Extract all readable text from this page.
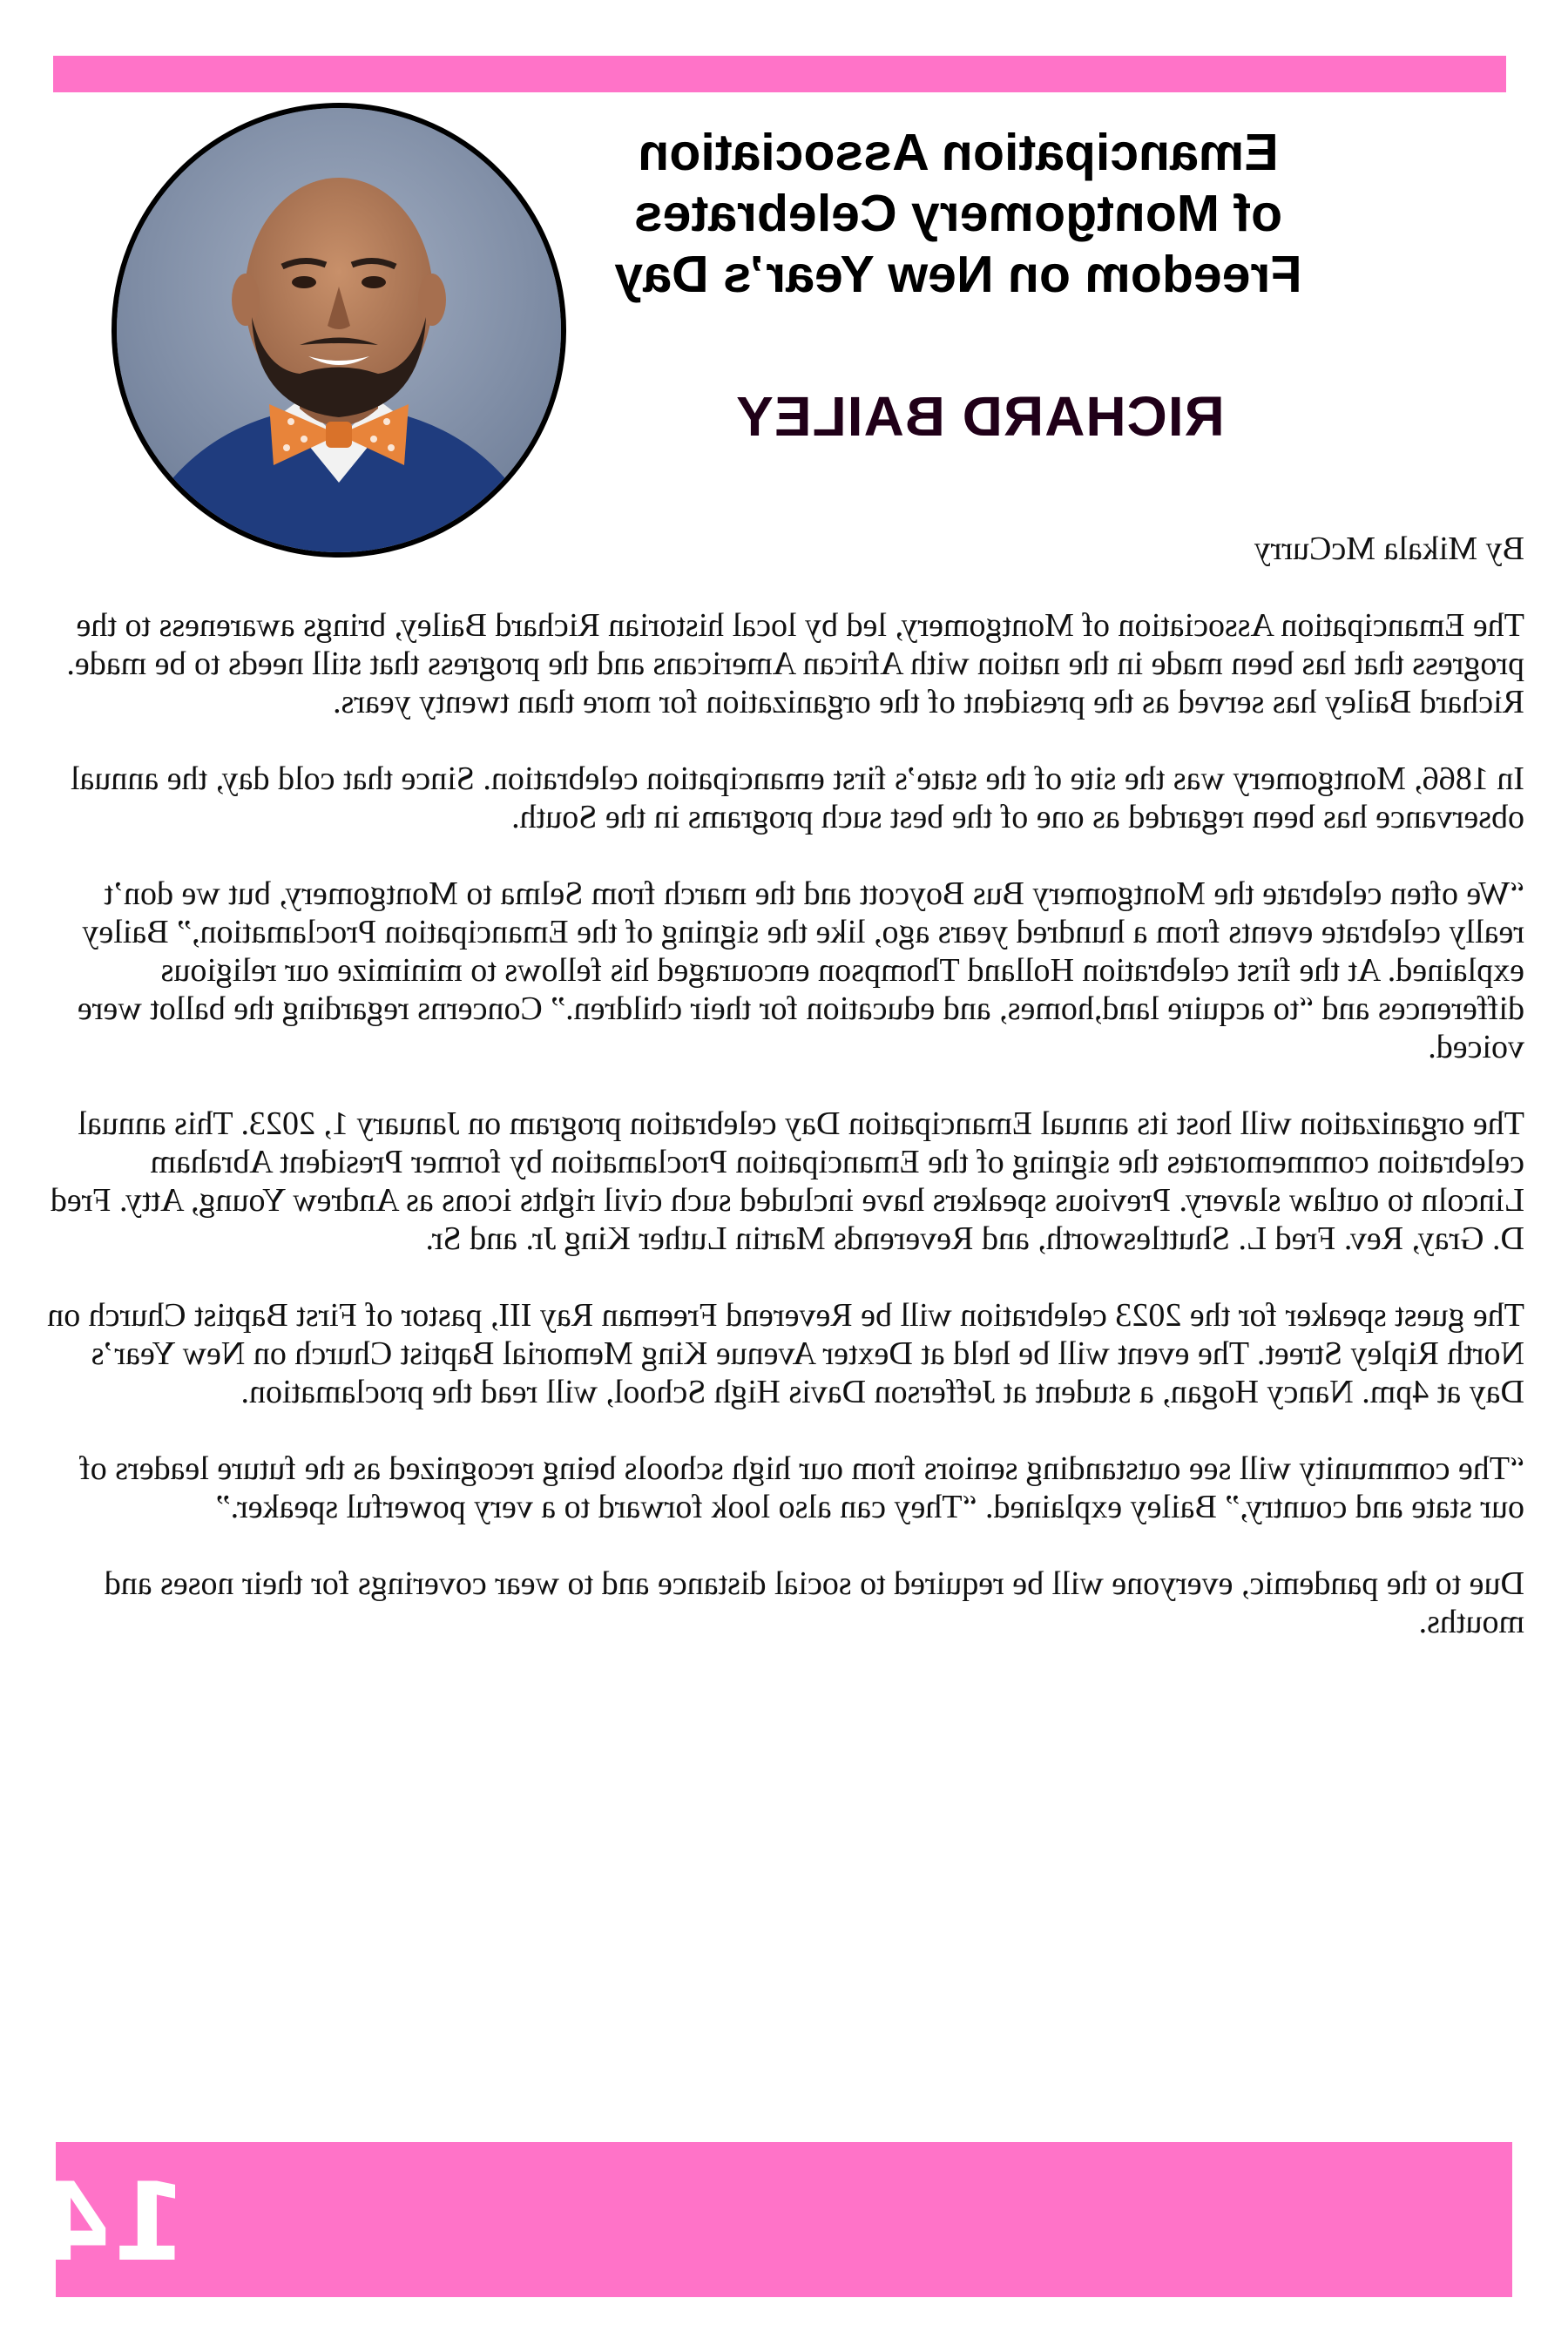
Emancipation Association
of Montgomery Celebrates
Freedom on New Year’s Day
RICHARD BAILEY

By Mikala McCurry

The Emancipation Association of Montgomery, led by local historian Richard Bailey, brings awareness to the progress that has been made in the nation with African Americans and the progress that still needs to be made. Richard Bailey has served as the president of the organization for more than twenty years.

In 1866, Montgomery was the site of the state’s first emancipation celebration. Since that cold day, the annual observance has been regarded as one of the best such programs in the South.

“We often celebrate the Montgomery Bus Boycott and the march from Selma to Montgomery, but we don’t really celebrate events from a hundred years ago, like the signing of the Emancipation Proclamation,” Bailey explained. At the first celebration Holland Thompson encouraged his fellows to minimize our religious differences and “to acquire land,homes, and education for their children.” Concerns regarding the ballot were voiced.

The organization will host its annual Emancipation Day celebration program on January 1, 2023. This annual celebration commemorates the signing of the Emancipation Proclamation by former President Abraham Lincoln to outlaw slavery. Previous speakers have included such civil rights icons as Andrew Young, Atty. Fred D. Gray, Rev. Fred L. Shuttlesworth, and Reverends Martin Luther King Jr. and Sr.

The guest speaker for the 2023 celebration will be Reverend Freeman Ray III, pastor of First Baptist Church on North Ripley Street. The event will be held at Dexter Avenue King Memorial Baptist Church on New Year’s Day at 4pm. Nancy Hogan, a student at Jefferson Davis High School, will read the proclamation.

“The community will see outstanding seniors from our high schools being recognized as the future leaders of our state and country,” Bailey explained. “They can also look forward to a very powerful speaker.”

Due to the pandemic, everyone will be required to social distance and to wear coverings for their noses and mouths.

14
